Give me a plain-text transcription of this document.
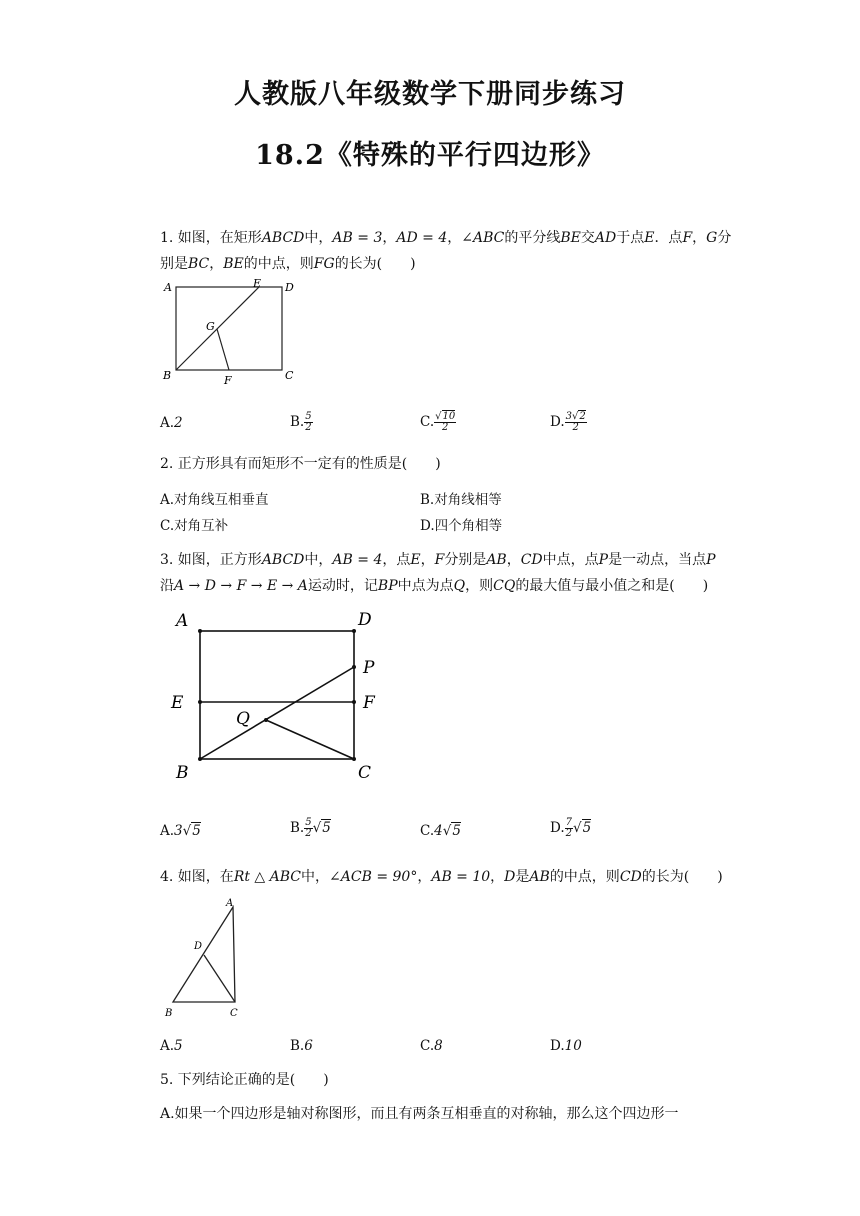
人教版八年级数学下册同步练习
18.2《特殊的平行四边形》
1. 如图，在矩形ABCD中，AB = 3，AD = 4，∠ABC的平分线BE交AD于点E．点F，G分
别是BC，BE的中点，则FG的长为(　　)
A	E D
G
B	F	C
A.2	B. $\frac{5}{2}$	C. $\frac{√10}{2}$	D. $\frac{3√2}{2}$
2. 正方形具有而矩形不一定有的性质是(　　)
A.对角线互相垂直	B.对角线相等
C.对角互补	D.四个角相等
3. 如图，正方形ABCD中，AB = 4，点E，F分别是AB，CD中点，点P是一动点，当点P
沿A → D → F → E → A运动时，记BP中点为点Q，则CQ的最大值与最小值之和是(　　)
A	D
P
E	F
Q
B	C
A.3√5	B. $\frac{5}{2} √5$	C.4√5	D. $\frac{7}{2} √5$
4. 如图，在Rt △ ABC中，∠ACB = 90°，AB = 10，D是AB的中点，则CD的长为(　　)
A
D
B	C
A.5	B.6	C.8	D.10
5. 下列结论正确的是(　　)
A.如果一个四边形是轴对称图形，而且有两条互相垂直的对称轴，那么这个四边形一
